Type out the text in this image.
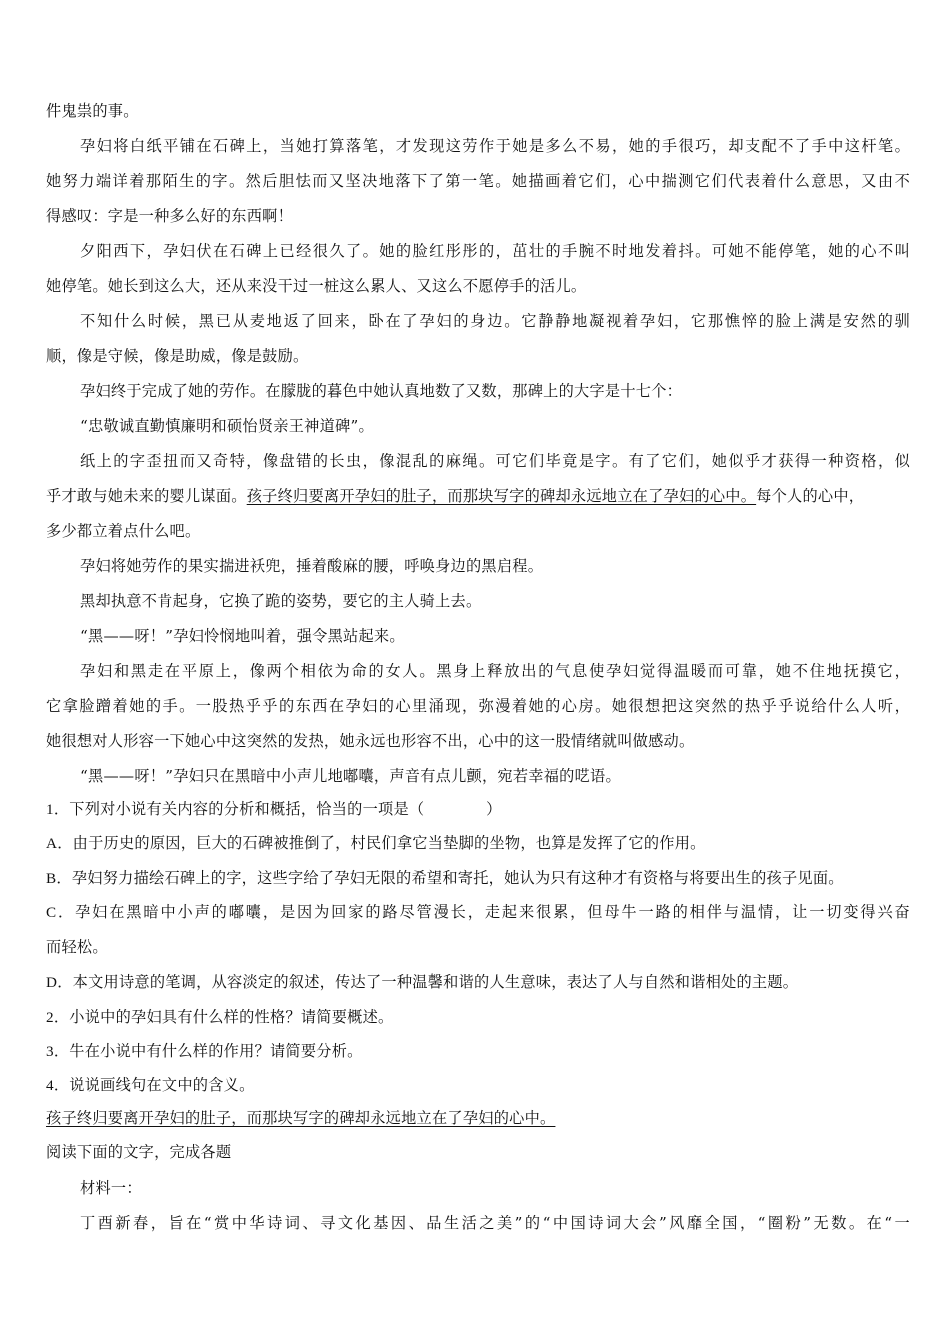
件鬼祟的事。
孕妇将白纸平铺在石碑上，当她打算落笔，才发现这劳作于她是多么不易，她的手很巧，却支配不了手中这杆笔。
她努力端详着那陌生的字。然后胆怯而又坚决地落下了第一笔。她描画着它们，心中揣测它们代表着什么意思，又由不
得感叹：字是一种多么好的东西啊！
夕阳西下，孕妇伏在石碑上已经很久了。她的脸红彤彤的，茁壮的手腕不时地发着抖。可她不能停笔，她的心不叫
她停笔。她长到这么大，还从来没干过一桩这么累人、又这么不愿停手的活儿。
不知什么时候，黑已从麦地返了回来，卧在了孕妇的身边。它静静地凝视着孕妇，它那憔悴的脸上满是安然的驯
顺，像是守候，像是助威，像是鼓励。
孕妇终于完成了她的劳作。在朦胧的暮色中她认真地数了又数，那碑上的大字是十七个：
“忠敬诚直勤慎廉明和硕怡贤亲王神道碑”。
纸上的字歪扭而又奇特，像盘错的长虫，像混乱的麻绳。可它们毕竟是字。有了它们，她似乎才获得一种资格，似
乎才敢与她未来的婴儿谋面。孩子终归要离开孕妇的肚子，而那块写字的碑却永远地立在了孕妇的心中。每个人的心中，
多少都立着点什么吧。
孕妇将她劳作的果实揣进袄兜，捶着酸麻的腰，呼唤身边的黑启程。
黑却执意不肯起身，它换了跪的姿势，要它的主人骑上去。
“黑——呀！”孕妇怜悯地叫着，强令黑站起来。
孕妇和黑走在平原上，像两个相依为命的女人。黑身上释放出的气息使孕妇觉得温暖而可靠，她不住地抚摸它，
它拿脸蹭着她的手。一股热乎乎的东西在孕妇的心里涌现，弥漫着她的心房。她很想把这突然的热乎乎说给什么人听，
她很想对人形容一下她心中这突然的发热，她永远也形容不出，心中的这一股情绪就叫做感动。
“黑——呀！”孕妇只在黑暗中小声儿地嘟囔，声音有点儿颤，宛若幸福的呓语。
1．下列对小说有关内容的分析和概括，恰当的一项是（　　　　）
A．由于历史的原因，巨大的石碑被推倒了，村民们拿它当垫脚的坐物，也算是发挥了它的作用。
B．孕妇努力描绘石碑上的字，这些字给了孕妇无限的希望和寄托，她认为只有这种才有资格与将要出生的孩子见面。
C．孕妇在黑暗中小声的嘟囔，是因为回家的路尽管漫长，走起来很累，但母牛一路的相伴与温情，让一切变得兴奋
而轻松。
D．本文用诗意的笔调，从容淡定的叙述，传达了一种温馨和谐的人生意味，表达了人与自然和谐相处的主题。
2．小说中的孕妇具有什么样的性格？请简要概述。
3．牛在小说中有什么样的作用？请简要分析。
4．说说画线句在文中的含义。
孩子终归要离开孕妇的肚子，而那块写字的碑却永远地立在了孕妇的心中。
阅读下面的文字，完成各题
材料一：
丁酉新春，旨在“赏中华诗词、寻文化基因、品生活之美”的“中国诗词大会”风靡全国，“圈粉”无数。在“一
